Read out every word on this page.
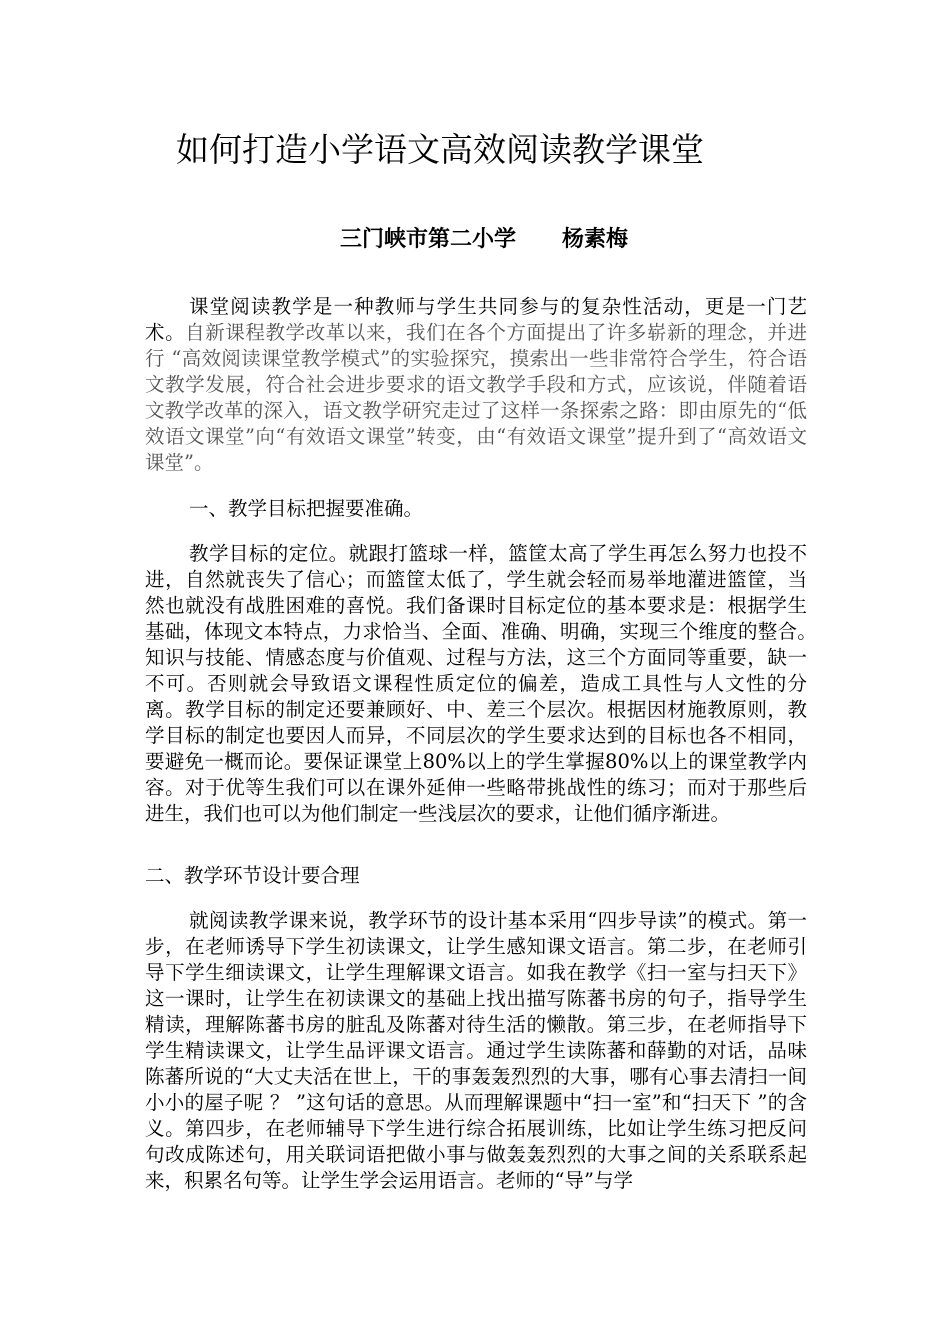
如何打造小学语文高效阅读教学课堂
三门峡市第二小学 杨素梅
课堂阅读教学是一种教师与学生共同参与的复杂性活动，更是一门艺术。自新课程教学改革以来，我们在各个方面提出了许多崭新的理念，并进行 “高效阅读课堂教学模式”的实验探究，摸索出一些非常符合学生，符合语文教学发展，符合社会进步要求的语文教学手段和方式，应该说，伴随着语文教学改革的深入，语文教学研究走过了这样一条探索之路：即由原先的“低效语文课堂”向“有效语文课堂”转变，由“有效语文课堂”提升到了“高效语文课堂”。
一、教学目标把握要准确。
教学目标的定位。就跟打篮球一样，篮筐太高了学生再怎么努力也投不进，自然就丧失了信心；而篮筐太低了，学生就会轻而易举地灌进篮筐，当然也就没有战胜困难的喜悦。我们备课时目标定位的基本要求是：根据学生基础，体现文本特点，力求恰当、全面、准确、明确，实现三个维度的整合。　　 知识与技能、情感态度与价值观、过程与方法，这三个方面同等重要，缺一不可。否则就会导致语文课程性质定位的偏差，造成工具性与人文性的分离。教学目标的制定还要兼顾好、中、差三个层次。根据因材施教原则，教学目标的制定也要因人而异，不同层次的学生要求达到的目标也各不相同，要避免一概而论。要保证课堂上80%以上的学生掌握80%以上的课堂教学内容。对于优等生我们可以在课外延伸一些略带挑战性的练习；而对于那些后进生，我们也可以为他们制定一些浅层次的要求，让他们循序渐进。
二、教学环节设计要合理
就阅读教学课来说，教学环节的设计基本采用“四步导读”的模式。第一步，在老师诱导下学生初读课文，让学生感知课文语言。第二步，在老师引导下学生细读课文，让学生理解课文语言。如我在教学《扫一室与扫天下》这一课时，让学生在初读课文的基础上找出描写陈蕃书房的句子，指导学生精读，理解陈蕃书房的脏乱及陈蕃对待生活的懒散。第三步，在老师指导下学生精读课文，让学生品评课文语言。通过学生读陈蕃和薛勤的对话，品味陈蕃所说的“大丈夫活在世上，干的事轰轰烈烈的大事，哪有心事去清扫一间小小的屋子呢 ？ ”这句话的意思。从而理解课题中“扫一室”和“扫天下 ”的含义。第四步，在老师辅导下学生进行综合拓展训练，比如让学生练习把反问句改成陈述句，用关联词语把做小事与做轰轰烈烈的大事之间的关系联系起来，积累名句等。让学生学会运用语言。老师的“导”与学
